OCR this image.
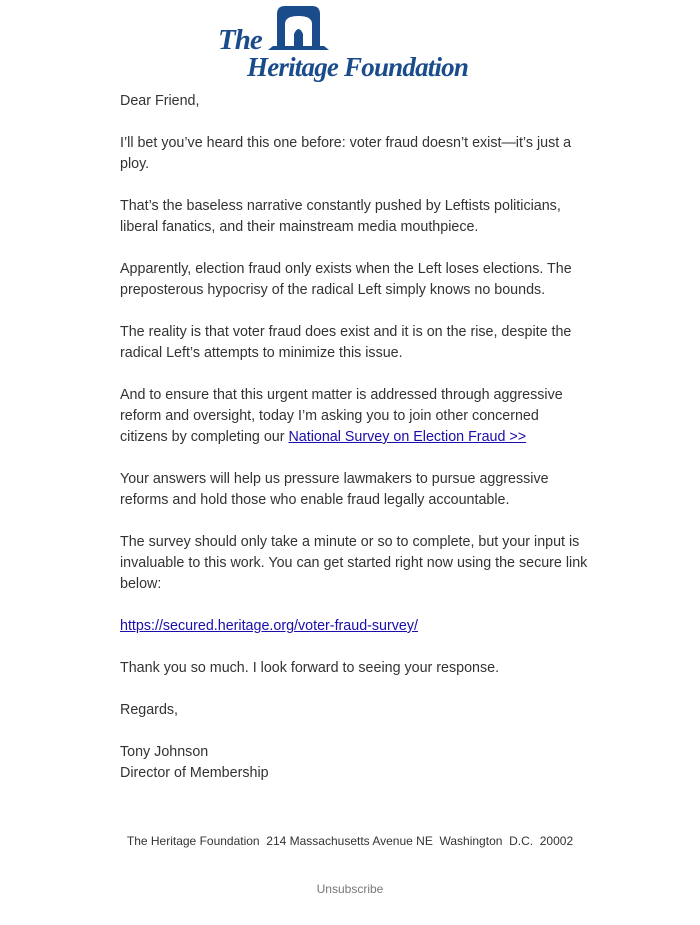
The
Heritage Foundation

Dear Friend,

I’ll bet you’ve heard this one before: voter fraud doesn’t exist—it’s just a ploy.

That’s the baseless narrative constantly pushed by Leftists politicians, liberal fanatics, and their mainstream media mouthpiece.

Apparently, election fraud only exists when the Left loses elections. The preposterous hypocrisy of the radical Left simply knows no bounds.

The reality is that voter fraud does exist and it is on the rise, despite the radical Left’s attempts to minimize this issue.

And to ensure that this urgent matter is addressed through aggressive reform and oversight, today I’m asking you to join other concerned citizens by completing our National Survey on Election Fraud >>

Your answers will help us pressure lawmakers to pursue aggressive reforms and hold those who enable fraud legally accountable.

The survey should only take a minute or so to complete, but your input is invaluable to this work. You can get started right now using the secure link below:

https://secured.heritage.org/voter-fraud-survey/

Thank you so much. I look forward to seeing your response.

Regards,

Tony Johnson

Director of Membership

The Heritage Foundation  214 Massachusetts Avenue NE  Washington  D.C.  20002
Unsubscribe
